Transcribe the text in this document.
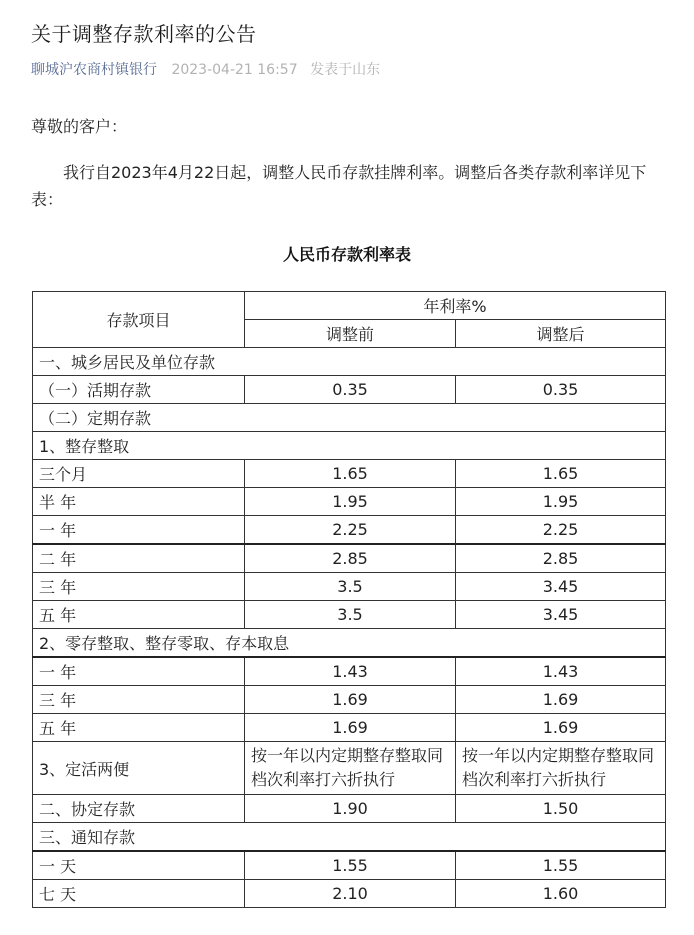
关于调整存款利率的公告
聊城沪农商村镇银行 2023-04-21 16:57 发表于山东
尊敬的客户：
我行自2023年4月22日起，调整人民币存款挂牌利率。调整后各类存款利率详见下表：
人民币存款利率表
存款项目	年利率%	
	调整前	调整后
一、城乡居民及单位存款		
（一）活期存款	0.35	0.35
（二）定期存款		
1、整存整取		
三个月	1.65	1.65
半 年	1.95	1.95
一 年	2.25	2.25
二 年	2.85	2.85
三 年	3.5	3.45
五 年	3.5	3.45
2、零存整取、整存零取、存本取息		
一 年	1.43	1.43
三 年	1.69	1.69
五 年	1.69	1.69
3、定活两便	按一年以内定期整存整取同档次利率打六折执行	按一年以内定期整存整取同档次利率打六折执行
二、协定存款	1.90	1.50
三、通知存款		
一 天	1.55	1.55
七 天	2.10	1.60
